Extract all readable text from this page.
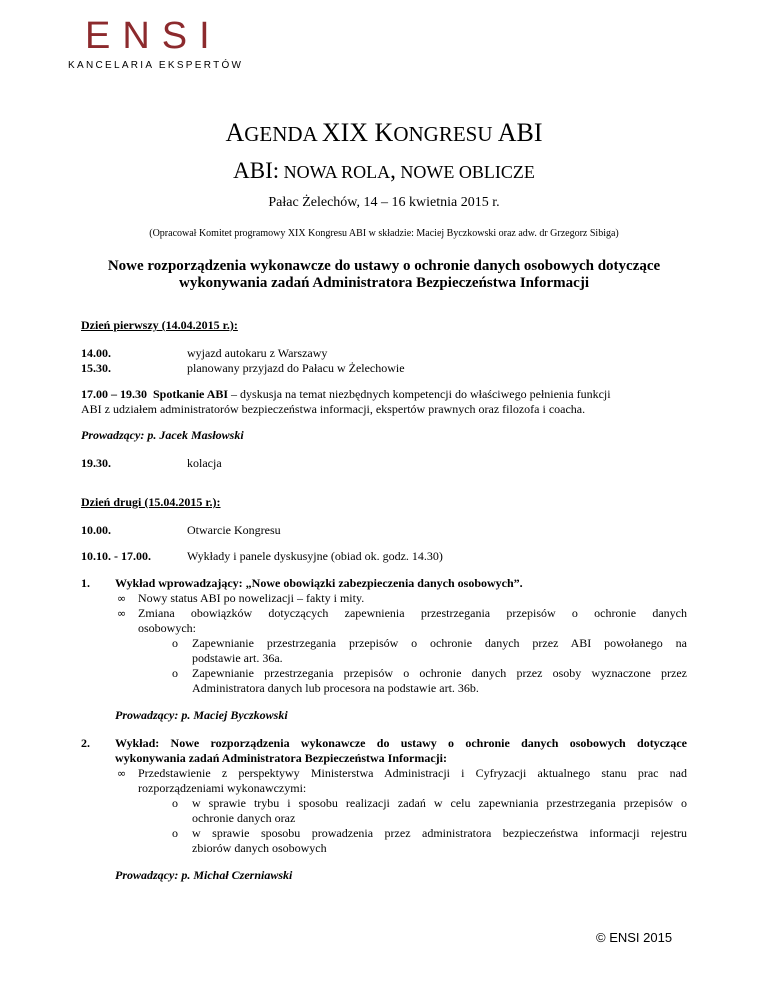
ENSI
KANCELARIA EKSPERTÓW
AGENDA XIX KONGRESU ABI
ABI: NOWA ROLA, NOWE OBLICZE
Pałac Żelechów, 14 – 16 kwietnia 2015 r.
(Opracował Komitet programowy XIX Kongresu ABI w składzie: Maciej Byczkowski oraz adw. dr Grzegorz Sibiga)
Nowe rozporządzenia wykonawcze do ustawy o ochronie danych osobowych dotyczące
wykonywania zadań Administratora Bezpieczeństwa Informacji
Dzień pierwszy (14.04.2015 r.):
14.00.	wyjazd autokaru z Warszawy
15.30.	planowany przyjazd do Pałacu w Żelechowie
17.00 – 19.30 Spotkanie ABI – dyskusja na temat niezbędnych kompetencji do właściwego pełnienia funkcji
ABI z udziałem administratorów bezpieczeństwa informacji, ekspertów prawnych oraz filozofa i coacha.
Prowadzący: p. Jacek Masłowski
19.30.	kolacja
Dzień drugi (15.04.2015 r.):
10.00.	Otwarcie Kongresu
10.10. - 17.00.	Wykłady i panele dyskusyjne (obiad ok. godz. 14.30)
1. Wykład wprowadzający: „Nowe obowiązki zabezpieczenia danych osobowych”.
∞ Nowy status ABI po nowelizacji – fakty i mity.
∞ Zmiana obowiązków dotyczących zapewnienia przestrzegania przepisów o ochronie danych
osobowych:
o Zapewnianie przestrzegania przepisów o ochronie danych przez ABI powołanego na
podstawie art. 36a.
o Zapewnianie przestrzegania przepisów o ochronie danych przez osoby wyznaczone przez
Administratora danych lub procesora na podstawie art. 36b.
Prowadzący: p. Maciej Byczkowski
2. Wykład: Nowe rozporządzenia wykonawcze do ustawy o ochronie danych osobowych dotyczące
wykonywania zadań Administratora Bezpieczeństwa Informacji:
∞ Przedstawienie z perspektywy Ministerstwa Administracji i Cyfryzacji aktualnego stanu prac nad
rozporządzeniami wykonawczymi:
o w sprawie trybu i sposobu realizacji zadań w celu zapewniania przestrzegania przepisów o
ochronie danych oraz
o w sprawie sposobu prowadzenia przez administratora bezpieczeństwa informacji rejestru
zbiorów danych osobowych
Prowadzący: p. Michał Czerniawski
© ENSI 2015
